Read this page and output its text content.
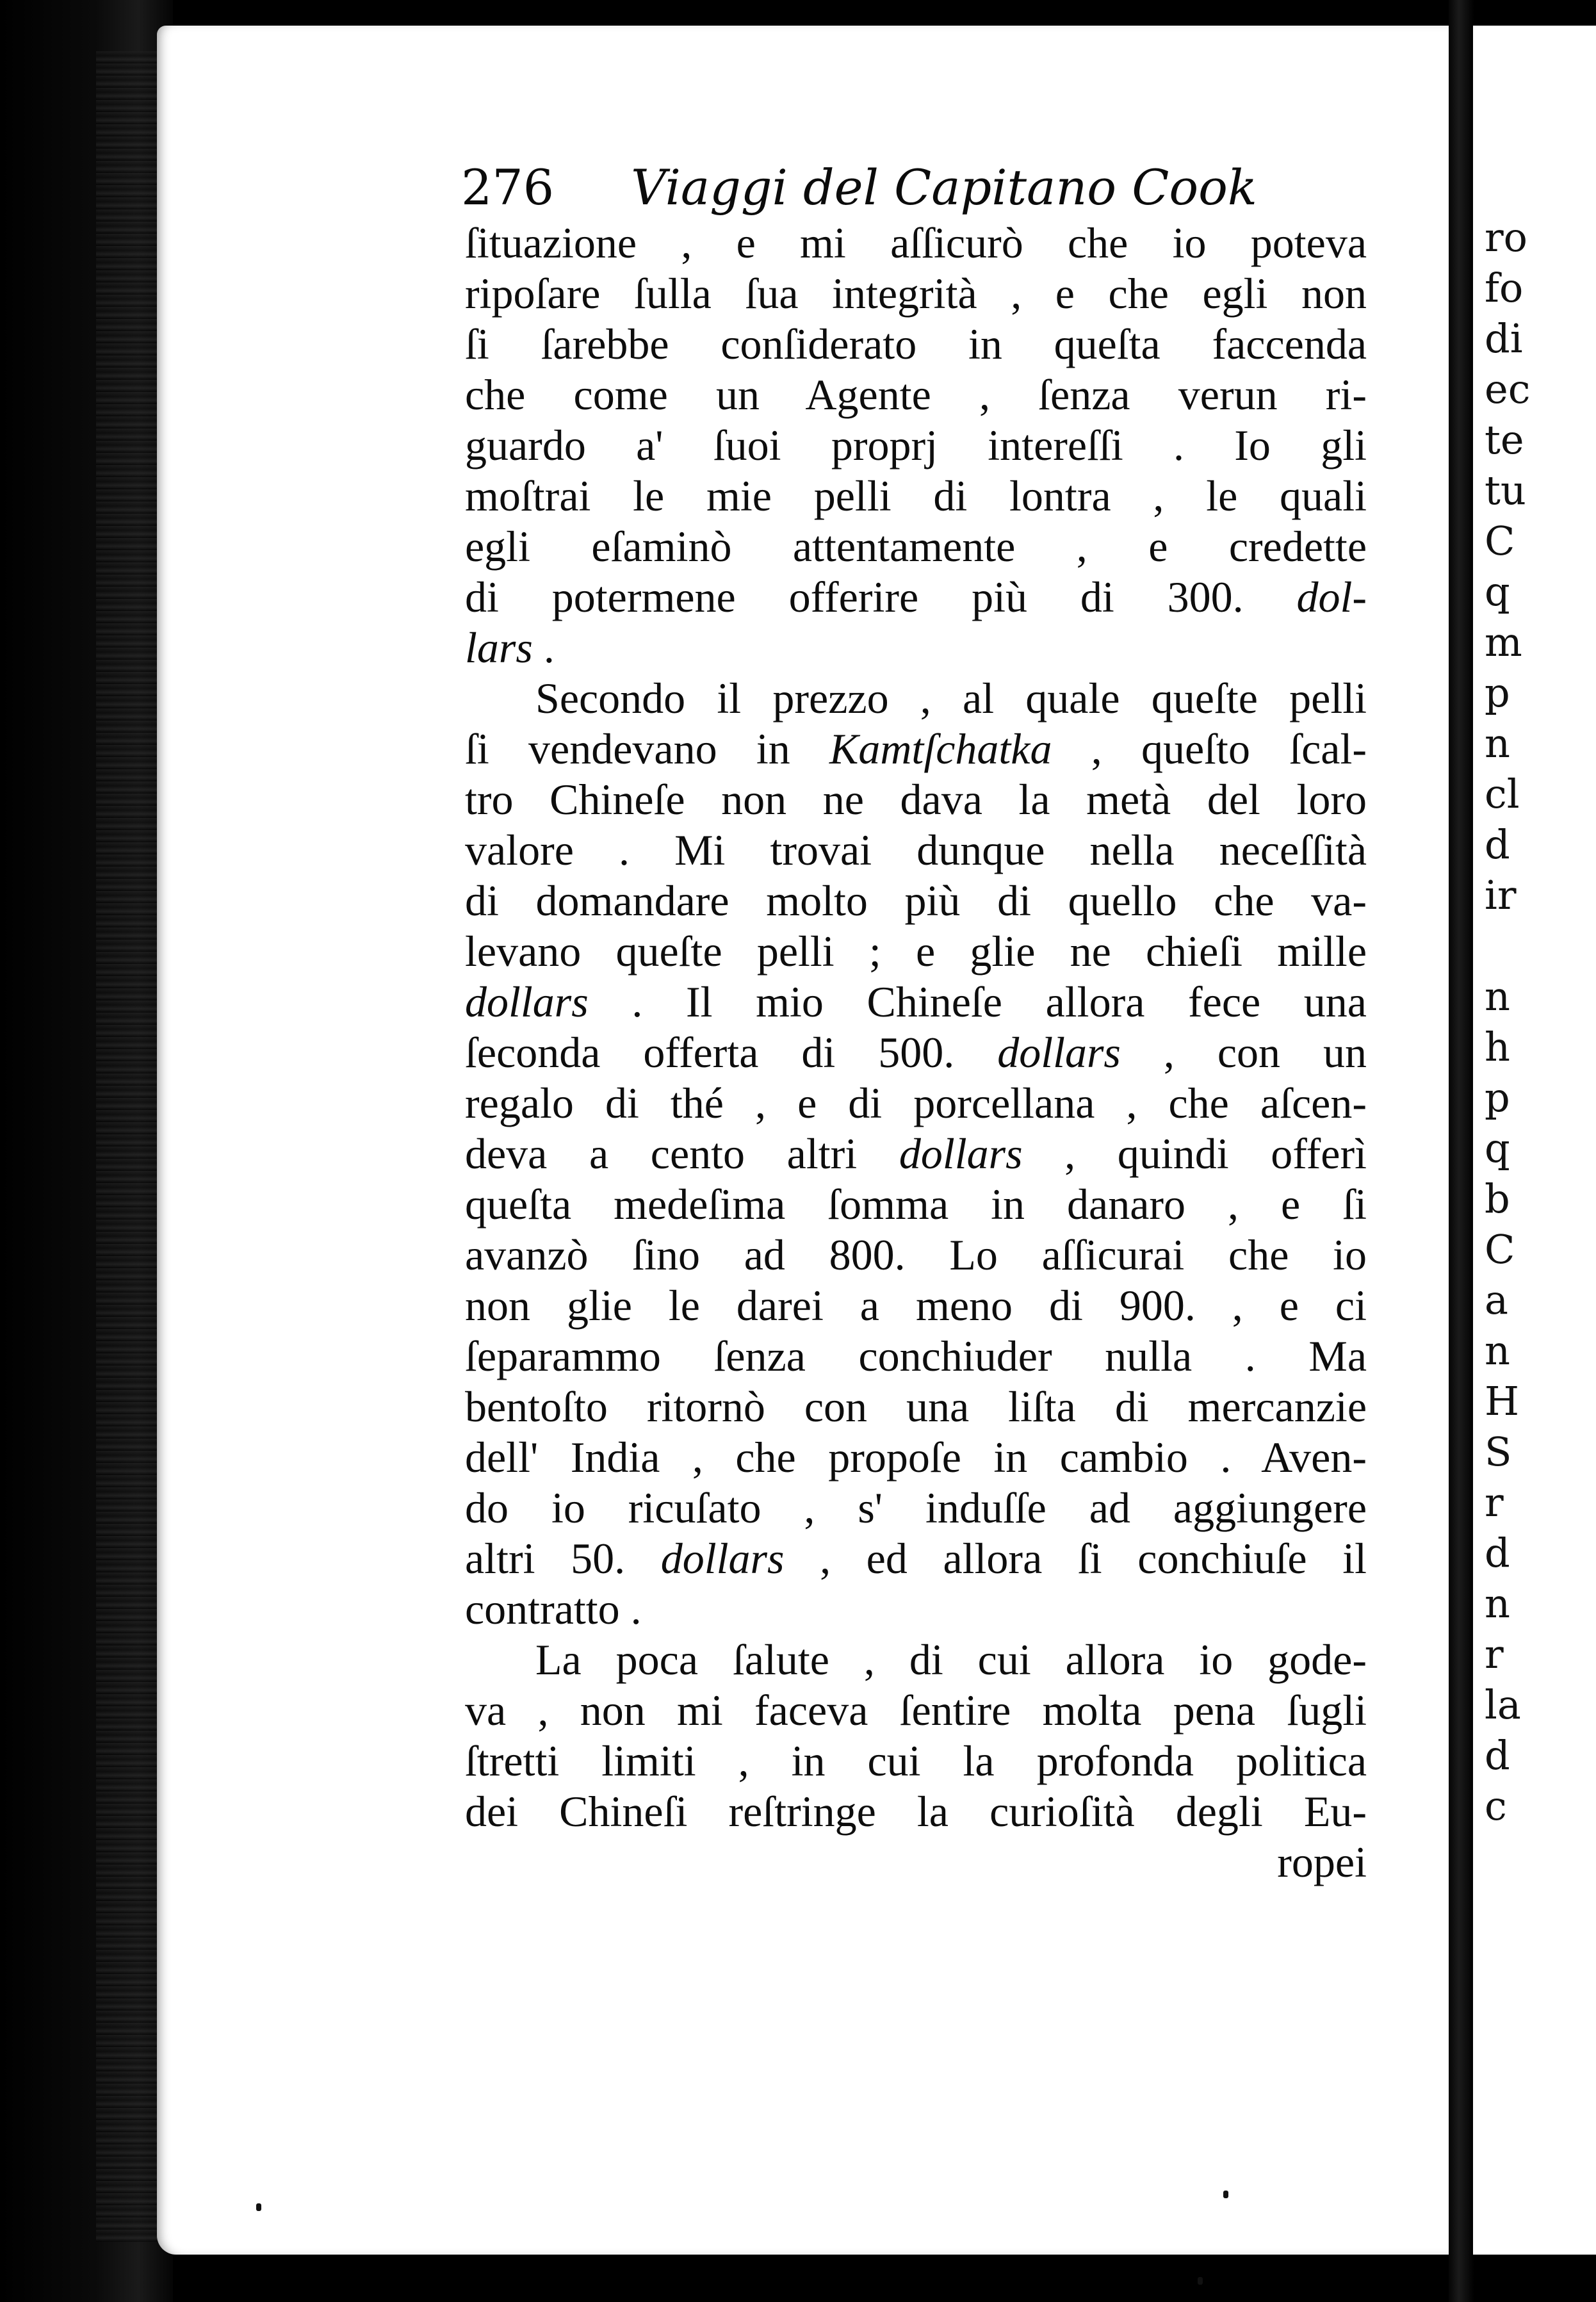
276 Viaggi del Capitano Cook
ſituazione , e mi aſſicurò che io poteva
ripoſare ſulla ſua integrità , e che egli non
ſi ſarebbe conſiderato in queſta faccenda
che come un Agente , ſenza verun ri-
guardo a' ſuoi proprj intereſſi . Io gli
moſtrai le mie pelli di lontra , le quali
egli eſaminò attentamente , e credette
di potermene offerire più di 300. dol-
lars .
Secondo il prezzo , al quale queſte pelli
ſi vendevano in Kamtſchatka , queſto ſcal-
tro Chineſe non ne dava la metà del loro
valore . Mi trovai dunque nella neceſſità
di domandare molto più di quello che va-
levano queſte pelli ; e glie ne chieſi mille
dollars . Il mio Chineſe allora fece una
ſeconda offerta di 500. dollars , con un
regalo di thé , e di porcellana , che aſcen-
deva a cento altri dollars , quindi offerì
queſta medeſima ſomma in danaro , e ſi
avanzò ſino ad 800. Lo aſſicurai che io
non glie le darei a meno di 900. , e ci
ſeparammo ſenza conchiuder nulla . Ma
bentoſto ritornò con una liſta di mercanzie
dell' India , che propoſe in cambio . Aven-
do io ricuſato , s' induſſe ad aggiungere
altri 50. dollars , ed allora ſi conchiuſe il
contratto .
La poca ſalute , di cui allora io gode-
va , non mi faceva ſentire molta pena ſugli
ſtretti limiti , in cui la profonda politica
dei Chineſi reſtringe la curioſità degli Eu-
ropei
ro
fo
di
ec
te
tu
C
q
m
p
n
cl
d
ir
n
h
p
q
b
C
a
n
H
S
r
d
n
r
la
d
c
